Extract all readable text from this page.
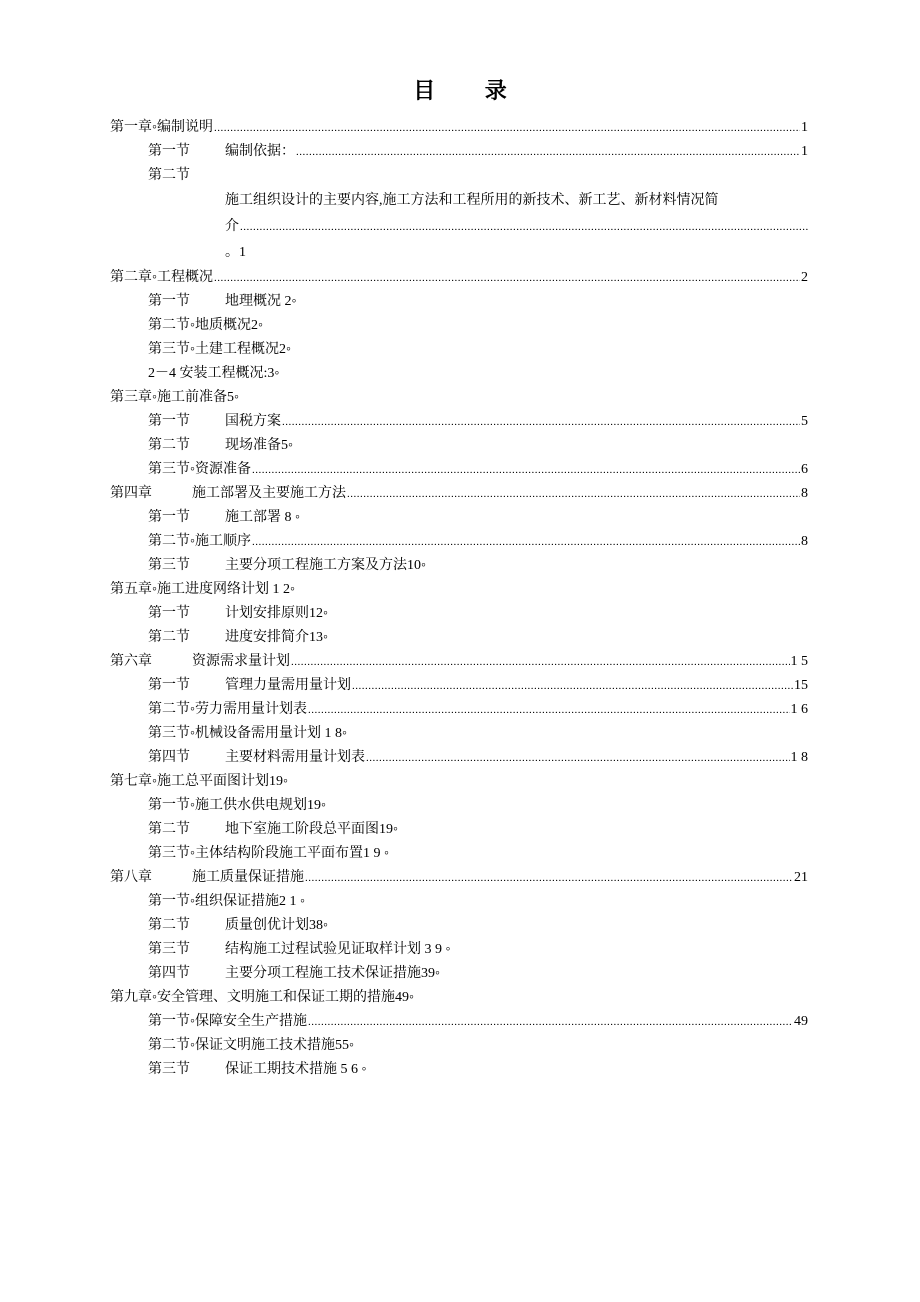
目 录
第一章◦编制说明 .....	1
第一节	编制依据： .....	1
第二节
施工组织设计的主要内容,施工方法和工程所用的新技术、新工艺、新材料情况简
介
.....
。1
第二章◦工程概况 .....	2
第一节	地理概况 2◦
第二节◦地质概况2◦
第三节◦土建工程概况2◦
2－4 安装工程概况:3◦
第三章◦施工前准备5◦
第一节	国税方案 .....	5
第二节	现场准备5◦
第三节◦资源准备 .....	6
第四章	施工部署及主要施工方法 .....	8
第一节	施工部署 8 ◦
第二节◦施工顺序 .....	8
第三节	主要分项工程施工方案及方法10◦
第五章◦施工进度网络计划 1 2◦
第一节	计划安排原则12◦
第二节	进度安排简介13◦
第六章	资源需求量计划 .....	1 5
第一节	管理力量需用量计划 .....	15
第二节◦劳力需用量计划表 .....	1 6
第三节◦机械设备需用量计划 1 8◦
第四节	主要材料需用量计划表 .....	1 8
第七章◦施工总平面图计划19◦
第一节◦施工供水供电规划19◦
第二节	地下室施工阶段总平面图19◦
第三节◦主体结构阶段施工平面布置1 9 ◦
第八章	施工质量保证措施 .....	21
第一节◦组织保证措施2 1 ◦
第二节	质量创优计划38◦
第三节	结构施工过程试验见证取样计划 3 9 ◦
第四节	主要分项工程施工技术保证措施39◦
第九章◦安全管理、文明施工和保证工期的措施49◦
第一节◦保障安全生产措施 .....	49
第二节◦保证文明施工技术措施55◦
第三节	保证工期技术措施 5 6 ◦
